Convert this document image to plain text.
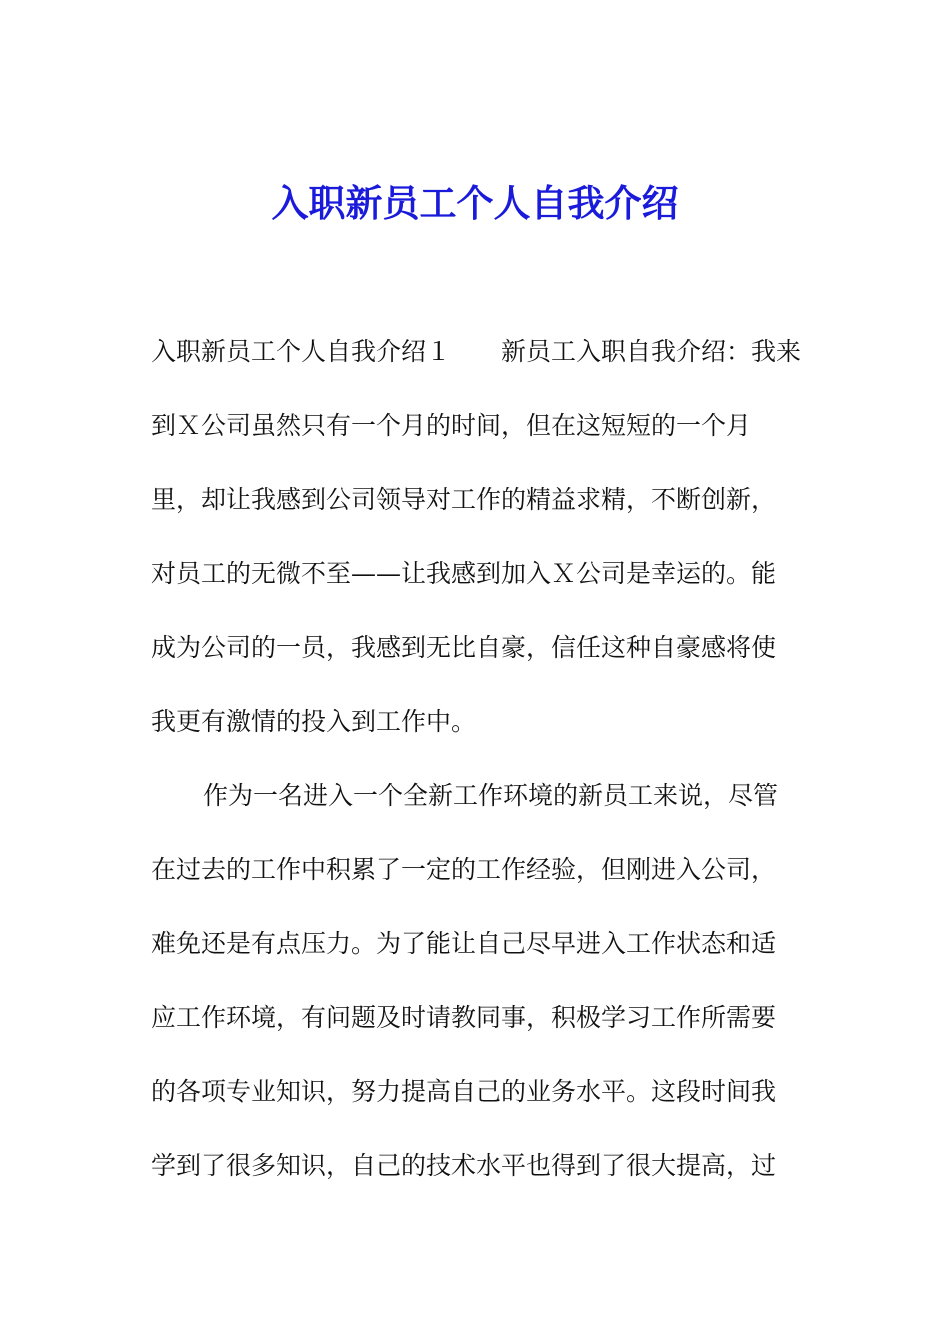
入职新员工个人自我介绍
入职新员工个人自我介绍１　　新员工入职自我介绍：我来
到Ｘ公司虽然只有一个月的时间，但在这短短的一个月
里，却让我感到公司领导对工作的精益求精，不断创新，
对员工的无微不至——让我感到加入Ｘ公司是幸运的。能
成为公司的一员，我感到无比自豪，信任这种自豪感将使
我更有激情的投入到工作中。
作为一名进入一个全新工作环境的新员工来说，尽管
在过去的工作中积累了一定的工作经验，但刚进入公司，
难免还是有点压力。为了能让自己尽早进入工作状态和适
应工作环境，有问题及时请教同事，积极学习工作所需要
的各项专业知识，努力提高自己的业务水平。这段时间我
学到了很多知识，自己的技术水平也得到了很大提高，过
